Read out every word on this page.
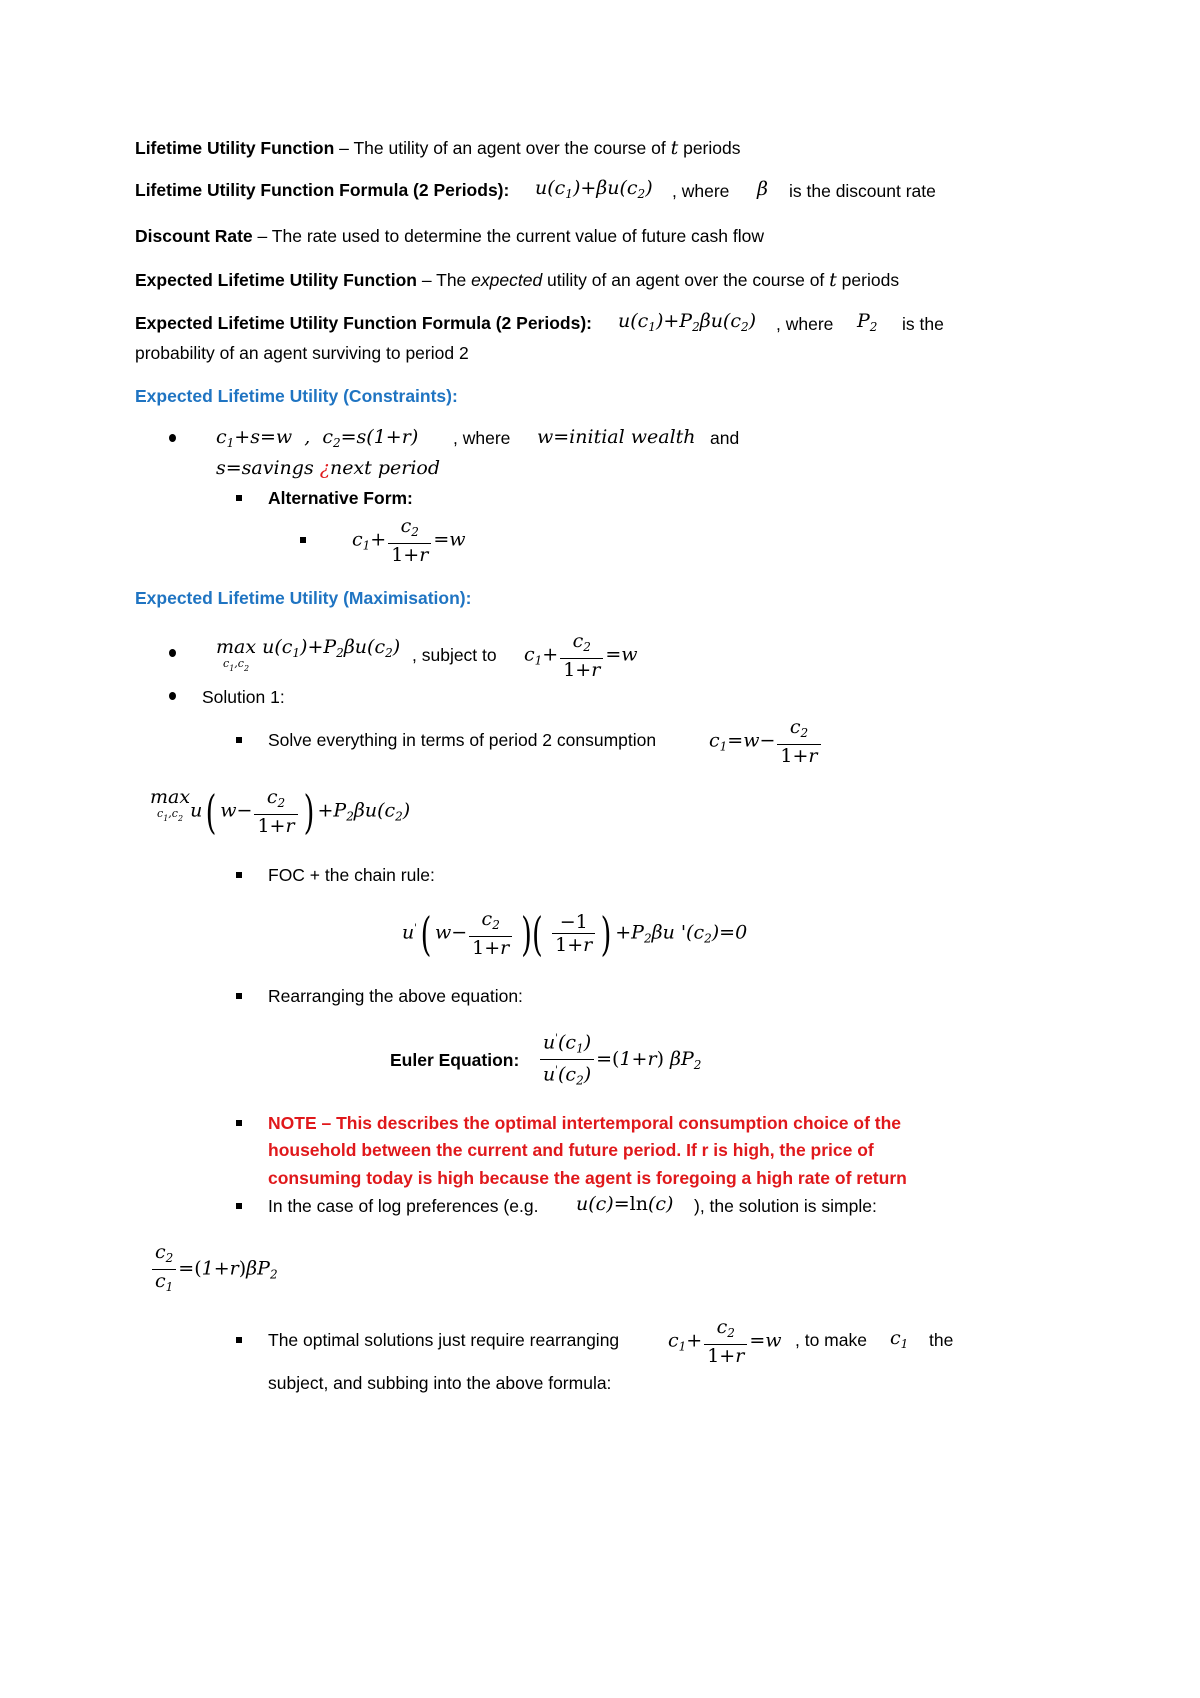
Lifetime Utility Function – The utility of an agent over the course of t periods
Lifetime Utility Function Formula (2 Periods): $u(c_1)+\beta u(c_2)$ , where β is the discount rate
Discount Rate – The rate used to determine the current value of future cash flow
Expected Lifetime Utility Function – The expected utility of an agent over the course of t periods
Expected Lifetime Utility Function Formula (2 Periods): $u(c_1)+P_2\beta u(c_2)$ , where $P_2$ is the
probability of an agent surviving to period 2
Expected Lifetime Utility (Constraints):
$c_1+s=w$  ,  $c_2=s(1+r)$ , where w=initial wealth and
s=savings ¿next period
Alternative Form:
$c_1+ \frac{c_2}{1+r} =w$
Expected Lifetime Utility (Maximisation):
max
$c_1,c_2$
$u(c_1)+P_2\beta u(c_2)$ , subject to $c_1+ \frac{c_2}{1+r} =w$
Solution 1:
Solve everything in terms of period 2 consumption	$c_1=w- \frac{c_2}{1+r}$
max
$c_1,c_2$ u( $w- \frac{c_2}{1+r}$ ) $+P_2\beta u(c_2)$
FOC + the chain rule:
u'( $w- \frac{c_2}{1+r}$ )( $\frac{-1}{1+r}$ ) $+P_2\beta u$ '$(c_2)=0$
Rearranging the above equation:
Euler Equation: $\frac{u'(c_1)}{u'(c_2)} =(1+r)$ $\beta P_2$
NOTE – This describes the optimal intertemporal consumption choice of the
household between the current and future period. If r is high, the price of
consuming today is high because the agent is foregoing a high rate of return
In the case of log preferences (e.g. u(c)=ln(c) ), the solution is simple:
$\frac{c_2}{c_1} =(1+r)\beta P_2$
The optimal solutions just require rearranging	$c_1+ \frac{c_2}{1+r} =w$ , to make $c_1$ the
subject, and subbing into the above formula:
